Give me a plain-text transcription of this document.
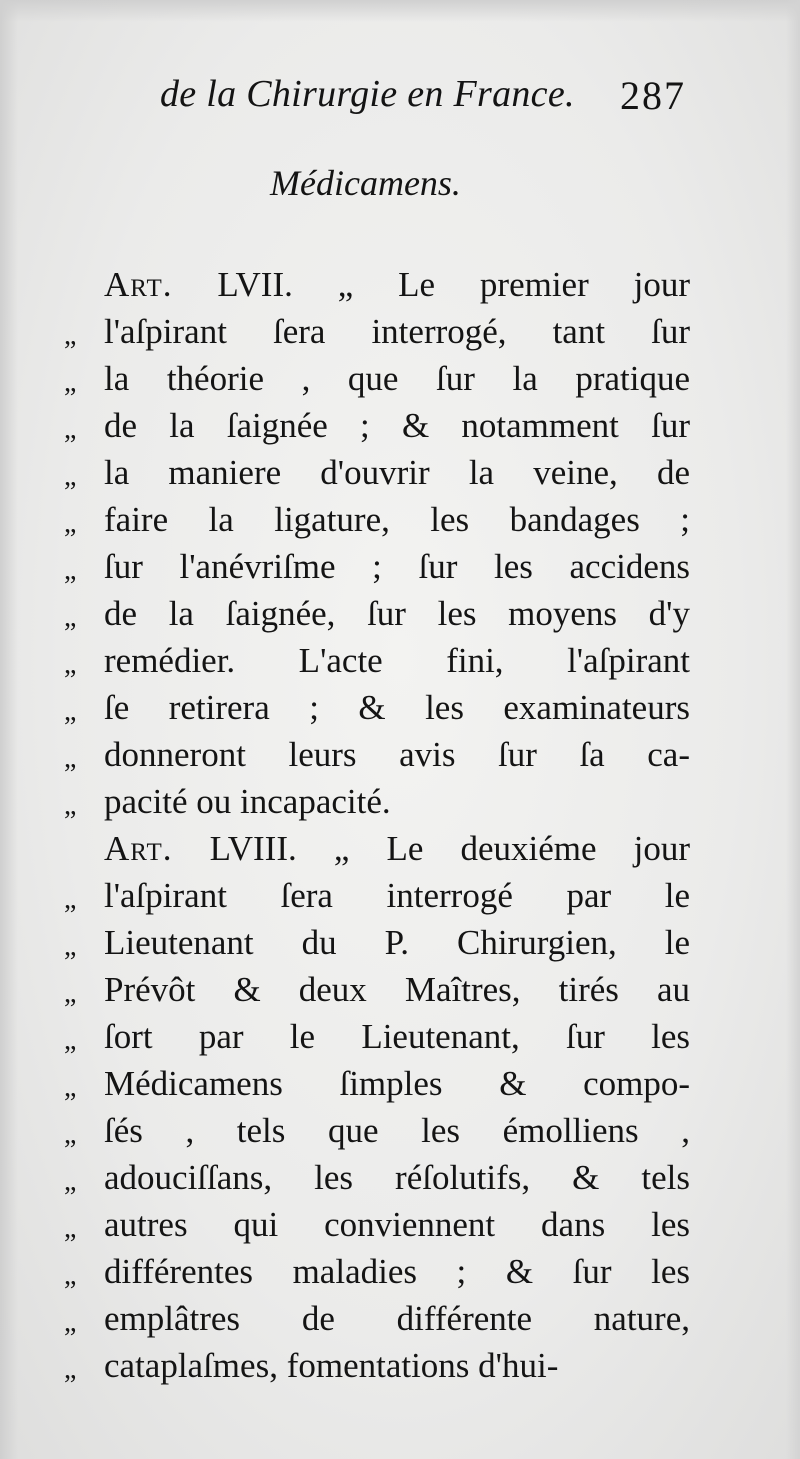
de la Chirurgie en France. 287
Médicamens.
Art. LVII. „ Le premier jour
„ l'aſpirant ſera interrogé, tant ſur
„ la théorie , que ſur la pratique
„ de la ſaignée ; & notamment ſur
„ la maniere d'ouvrir la veine, de
„ faire la ligature, les bandages ;
„ ſur l'anévriſme ; ſur les accidens
„ de la ſaignée, ſur les moyens d'y
„ remédier. L'acte fini, l'aſpirant
„ ſe retirera ; & les examinateurs
„ donneront leurs avis ſur ſa ca-
„ pacité ou incapacité.
Art. LVIII. „ Le deuxiéme jour
„ l'aſpirant ſera interrogé par le
„ Lieutenant du P. Chirurgien, le
„ Prévôt & deux Maîtres, tirés au
„ ſort par le Lieutenant, ſur les
„ Médicamens ſimples & compo-
„ ſés , tels que les émolliens ,
„ adouciſſans, les réſolutifs, & tels
„ autres qui conviennent dans les
„ différentes maladies ; & ſur les
„ emplâtres de différente nature,
„ cataplaſmes, fomentations d'hui-
